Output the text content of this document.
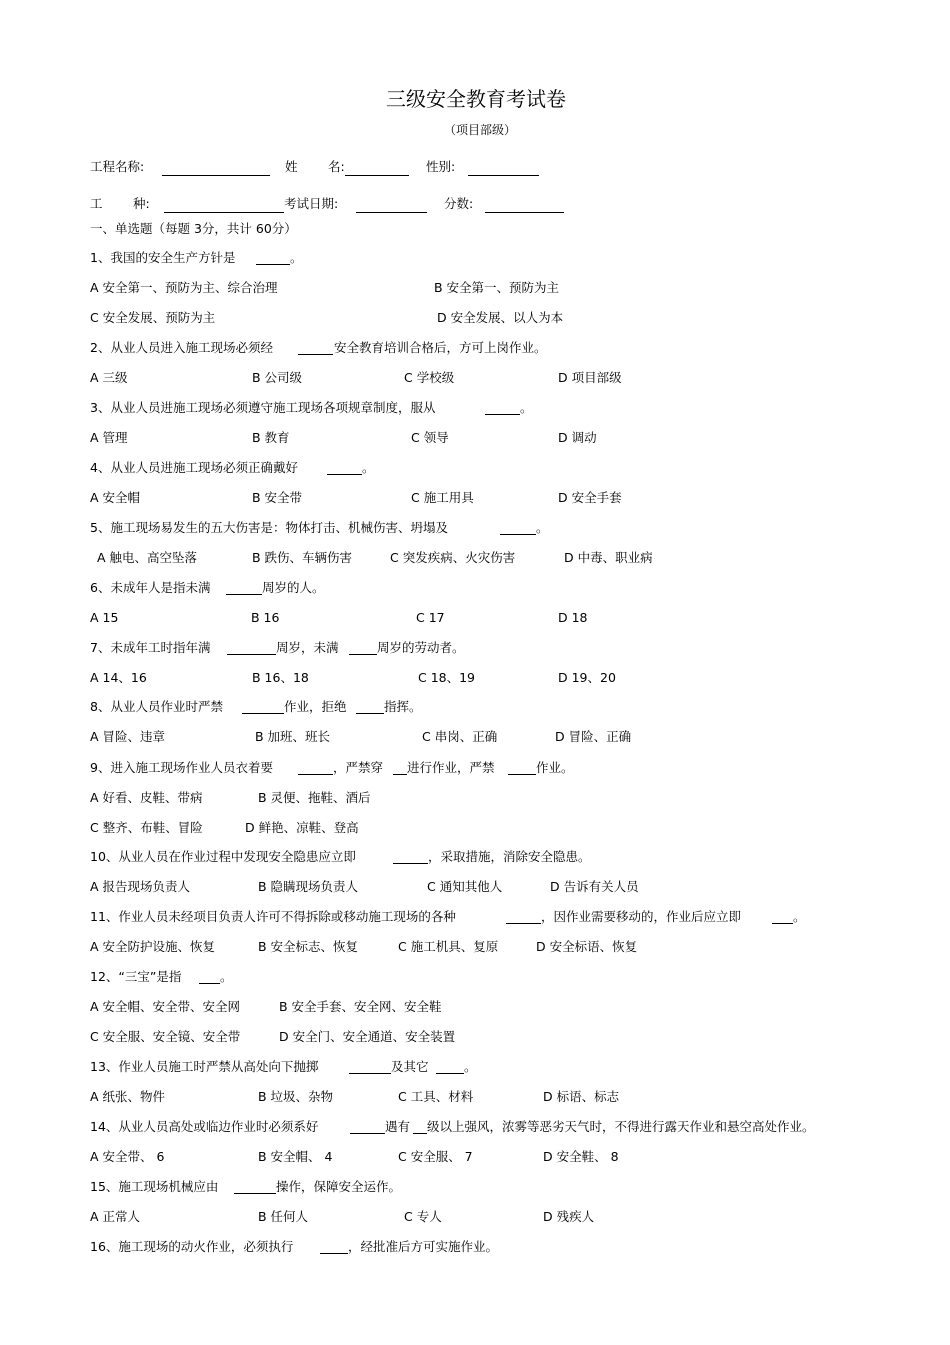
三级安全教育考试卷
（项目部级）
工程名称:	姓 名:	性别:
工 种:	考试日期:	分数:
一、单选题（每题 3分，共计 60分）
1、我国的安全生产方针是	。
A 安全第一、预防为主、综合治理	B 安全第一、预防为主
C 安全发展、预防为主	D 安全发展、以人为本
2、从业人员进入施工现场必须经	安全教育培训合格后，方可上岗作业。
A 三级	B 公司级	C 学校级	D 项目部级
3、从业人员进施工现场必须遵守施工现场各项规章制度，服从	。
A 管理	B 教育	C 领导	D 调动
4、从业人员进施工现场必须正确戴好	。
A 安全帽	B 安全带	C 施工用具	D 安全手套
5、施工现场易发生的五大伤害是：物体打击、机械伤害、坍塌及	。
A 触电、高空坠落	B 跌伤、车辆伤害	C 突发疾病、火灾伤害	D 中毒、职业病
6、未成年人是指未满	周岁的人。
A 15	B 16	C 17	D 18
7、未成年工时指年满	周岁，未满	周岁的劳动者。
A 14、16	B 16、18	C 18、19	D 19、20
8、从业人员作业时严禁	作业，拒绝	指挥。
A 冒险、违章	B 加班、班长	C 串岗、正确	D 冒险、正确
9、进入施工现场作业人员衣着要	，严禁穿 进行作业，严禁	作业。
A 好看、皮鞋、带病	B 灵便、拖鞋、酒后
C 整齐、布鞋、冒险	D 鲜艳、凉鞋、登高
10、从业人员在作业过程中发现安全隐患应立即	，采取措施，消除安全隐患。
A 报告现场负责人	B 隐瞒现场负责人	C 通知其他人	D 告诉有关人员
11、作业人员未经项目负责人许可不得拆除或移动施工现场的各种	，因作业需要移动的，作业后应立即	。
A 安全防护设施、恢复	B 安全标志、恢复	C 施工机具、复原	D 安全标语、恢复
12、“三宝”是指	。
A 安全帽、安全带、安全网	B 安全手套、安全网、安全鞋
C 安全服、安全镜、安全带	D 安全门、安全通道、安全装置
13、作业人员施工时严禁从高处向下抛掷	及其它	。
A 纸张、物件	B 垃圾、杂物	C 工具、材料	D 标语、标志
14、从业人员高处或临边作业时必须系好	遇有 级以上强风，浓雾等恶劣天气时，不得进行露天作业和悬空高处作业。
A 安全带、 6	B 安全帽、 4	C 安全服、 7	D 安全鞋、 8
15、施工现场机械应由	操作，保障安全运作。
A 正常人	B 任何人	C 专人	D 残疾人
16、施工现场的动火作业，必须执行	，经批准后方可实施作业。
